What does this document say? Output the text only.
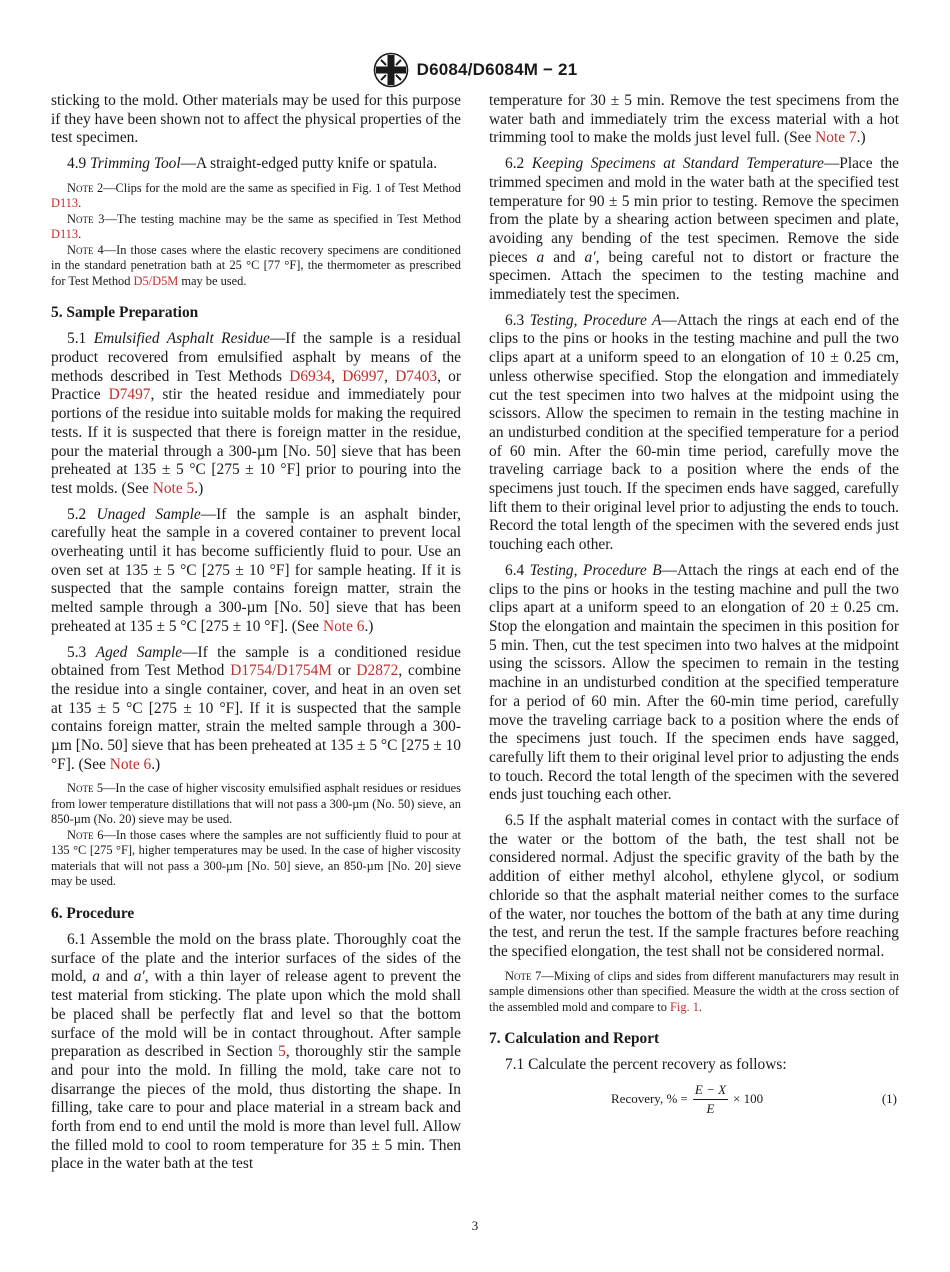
D6084/D6084M − 21

sticking to the mold. Other materials may be used for this purpose if they have been shown not to affect the physical properties of the test specimen.

4.9 Trimming Tool—A straight-edged putty knife or spatula.

Note 2—Clips for the mold are the same as specified in Fig. 1 of Test Method D113.

Note 3—The testing machine may be the same as specified in Test Method D113.

Note 4—In those cases where the elastic recovery specimens are conditioned in the standard penetration bath at 25 °C [77 °F], the thermometer as prescribed for Test Method D5/D5M may be used.

5. Sample Preparation

5.1 Emulsified Asphalt Residue—If the sample is a residual product recovered from emulsified asphalt by means of the methods described in Test Methods D6934, D6997, D7403, or Practice D7497, stir the heated residue and immediately pour portions of the residue into suitable molds for making the required tests. If it is suspected that there is foreign matter in the residue, pour the material through a 300-µm [No. 50] sieve that has been preheated at 135 ± 5 °C [275 ± 10 °F] prior to pouring into the test molds. (See Note 5.)

5.2 Unaged Sample—If the sample is an asphalt binder, carefully heat the sample in a covered container to prevent local overheating until it has become sufficiently fluid to pour. Use an oven set at 135 ± 5 °C [275 ± 10 °F] for sample heating. If it is suspected that the sample contains foreign matter, strain the melted sample through a 300-µm [No. 50] sieve that has been preheated at 135 ± 5 °C [275 ± 10 °F]. (See Note 6.)

5.3 Aged Sample—If the sample is a conditioned residue obtained from Test Method D1754/D1754M or D2872, combine the residue into a single container, cover, and heat in an oven set at 135 ± 5 °C [275 ± 10 °F]. If it is suspected that the sample contains foreign matter, strain the melted sample through a 300-µm [No. 50] sieve that has been preheated at 135 ± 5 °C [275 ± 10 °F]. (See Note 6.)

Note 5—In the case of higher viscosity emulsified asphalt residues or residues from lower temperature distillations that will not pass a 300-µm (No. 50) sieve, an 850-µm (No. 20) sieve may be used.

Note 6—In those cases where the samples are not sufficiently fluid to pour at 135 °C [275 °F], higher temperatures may be used. In the case of higher viscosity materials that will not pass a 300-µm [No. 50] sieve, an 850-µm [No. 20] sieve may be used.

6. Procedure

6.1 Assemble the mold on the brass plate. Thoroughly coat the surface of the plate and the interior surfaces of the sides of the mold, a and a′, with a thin layer of release agent to prevent the test material from sticking. The plate upon which the mold shall be placed shall be perfectly flat and level so that the bottom surface of the mold will be in contact throughout. After sample preparation as described in Section 5, thoroughly stir the sample and pour into the mold. In filling the mold, take care not to disarrange the pieces of the mold, thus distorting the shape. In filling, take care to pour and place material in a stream back and forth from end to end until the mold is more than level full. Allow the filled mold to cool to room temperature for 35 ± 5 min. Then place in the water bath at the test

temperature for 30 ± 5 min. Remove the test specimens from the water bath and immediately trim the excess material with a hot trimming tool to make the molds just level full. (See Note 7.)

6.2 Keeping Specimens at Standard Temperature—Place the trimmed specimen and mold in the water bath at the specified test temperature for 90 ± 5 min prior to testing. Remove the specimen from the plate by a shearing action between specimen and plate, avoiding any bending of the test specimen. Remove the side pieces a and a′, being careful not to distort or fracture the specimen. Attach the specimen to the testing machine and immediately test the specimen.

6.3 Testing, Procedure A—Attach the rings at each end of the clips to the pins or hooks in the testing machine and pull the two clips apart at a uniform speed to an elongation of 10 ± 0.25 cm, unless otherwise specified. Stop the elongation and immediately cut the test specimen into two halves at the midpoint using the scissors. Allow the specimen to remain in the testing machine in an undisturbed condition at the specified temperature for a period of 60 min. After the 60-min time period, carefully move the traveling carriage back to a position where the ends of the specimens just touch. If the specimen ends have sagged, carefully lift them to their original level prior to adjusting the ends to touch. Record the total length of the specimen with the severed ends just touching each other.

6.4 Testing, Procedure B—Attach the rings at each end of the clips to the pins or hooks in the testing machine and pull the two clips apart at a uniform speed to an elongation of 20 ± 0.25 cm. Stop the elongation and maintain the specimen in this position for 5 min. Then, cut the test specimen into two halves at the midpoint using the scissors. Allow the specimen to remain in the testing machine in an undisturbed condition at the specified temperature for a period of 60 min. After the 60-min time period, carefully move the traveling carriage back to a position where the ends of the specimens just touch. If the specimen ends have sagged, carefully lift them to their original level prior to adjusting the ends to touch. Record the total length of the specimen with the severed ends just touching each other.

6.5 If the asphalt material comes in contact with the surface of the water or the bottom of the bath, the test shall not be considered normal. Adjust the specific gravity of the bath by the addition of either methyl alcohol, ethylene glycol, or sodium chloride so that the asphalt material neither comes to the surface of the water, nor touches the bottom of the bath at any time during the test, and rerun the test. If the sample fractures before reaching the specified elongation, the test shall not be considered normal.

Note 7—Mixing of clips and sides from different manufacturers may result in sample dimensions other than specified. Measure the width at the cross section of the assembled mold and compare to Fig. 1.

7. Calculation and Report

7.1 Calculate the percent recovery as follows:

Recovery, % = $\frac{E - X}{E} \times 100$	(1)
3
